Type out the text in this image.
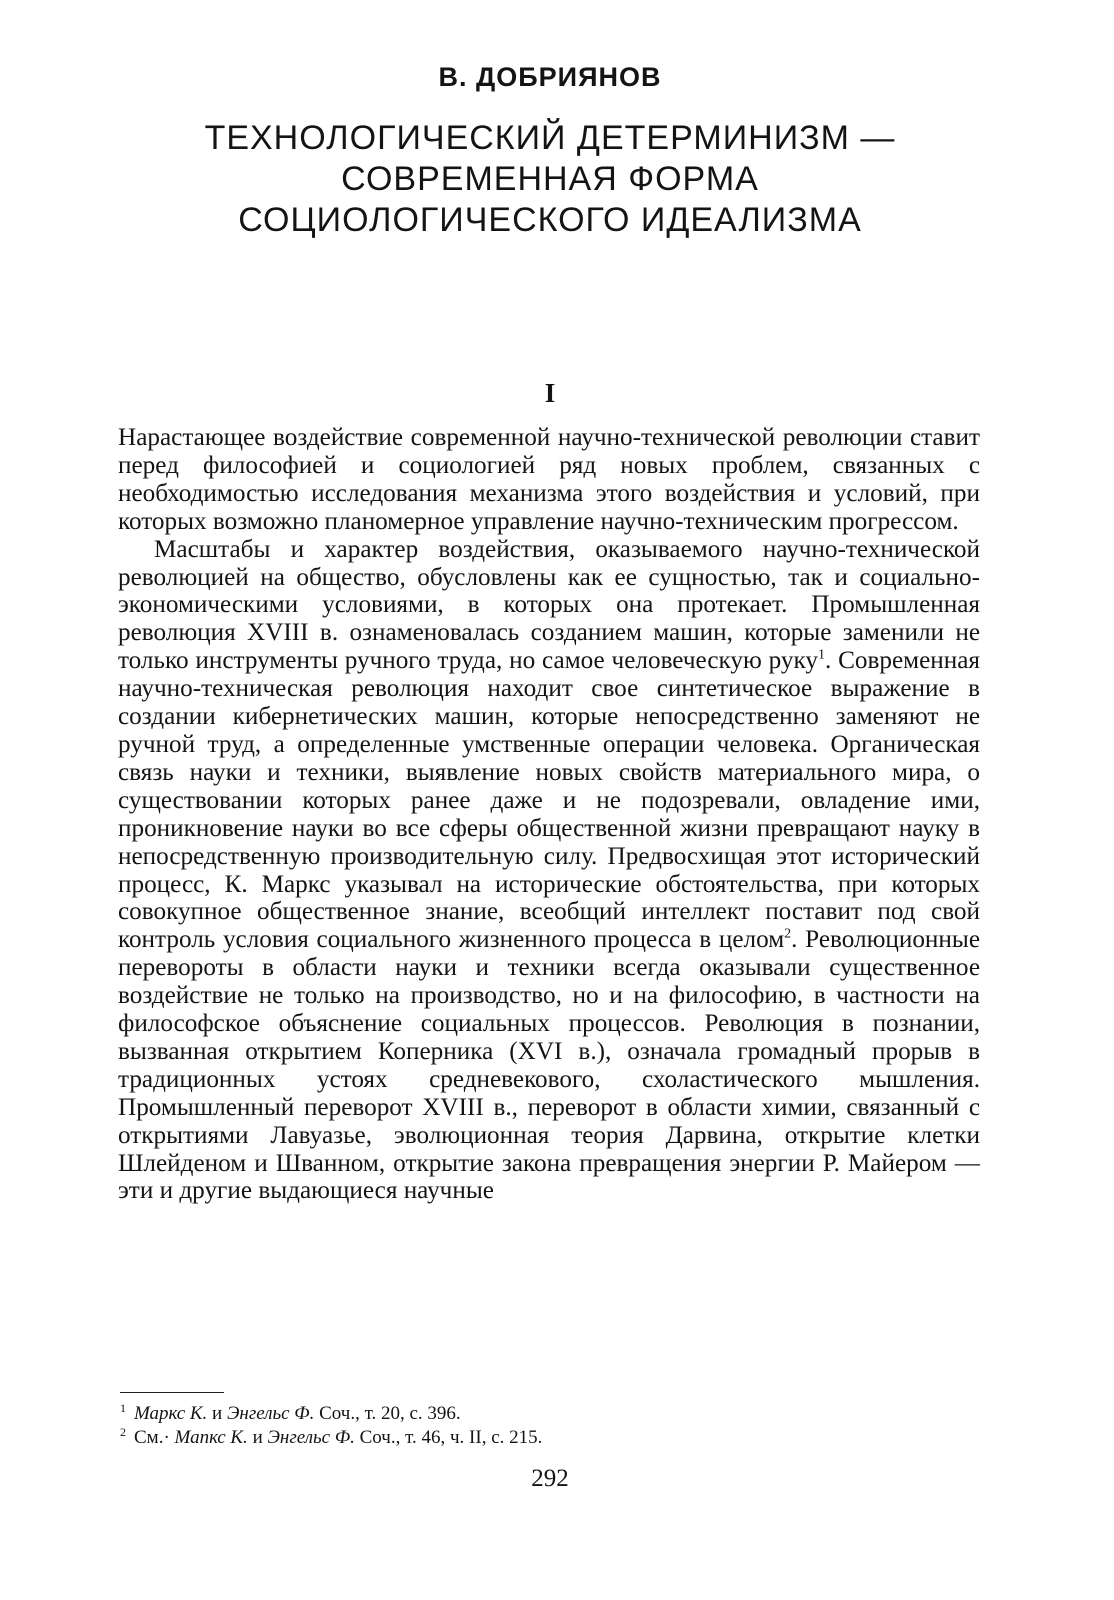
В. ДОБРИЯНОВ
ТЕХНОЛОГИЧЕСКИЙ ДЕТЕРМИНИЗМ —
СОВРЕМЕННАЯ ФОРМА
СОЦИОЛОГИЧЕСКОГО ИДЕАЛИЗМА
I

Нарастающее воздействие современной научно-технической революции ставит перед философией и социологией ряд новых проблем, связанных с необходимостью исследования механизма этого воздействия и условий, при которых возможно планомерное управление научно-техническим прогрессом.

Масштабы и характер воздействия, оказываемого научно-технической революцией на общество, обусловлены как ее сущностью, так и социально-экономическими условиями, в которых она протекает. Промышленная революция XVIII в. ознаменовалась созданием машин, которые заменили не только инструменты ручного труда, но самое человеческую руку$^1$. Современная научно-техническая революция находит свое синтетическое выражение в создании кибернетических машин, которые непосредственно заменяют не ручной труд, а определенные умственные операции человека. Органическая связь науки и техники, выявление новых свойств материального мира, о существовании которых ранее даже и не подозревали, овладение ими, проникновение науки во все сферы общественной жизни превращают науку в непосредственную производительную силу. Предвосхищая этот исторический процесс, К. Маркс указывал на исторические обстоятельства, при которых совокупное общественное знание, всеобщий интеллект поставит под свой контроль условия социального жизненного процесса в целом$^2$. Революционные перевороты в области науки и техники всегда оказывали существенное воздействие не только на производство, но и на философию, в частности на философское объяснение социальных процессов. Революция в познании, вызванная открытием Коперника (XVI в.), означала громадный прорыв в традиционных устоях средневекового, схоластического мышления. Промышленный переворот XVIII в., переворот в области химии, связанный с открытиями Лавуазье, эволюционная теория Дарвина, открытие клетки Шлейденом и Шванном, открытие закона превращения энергии Р. Майером — эти и другие выдающиеся научные

$^1$ Маркс К. и Энгельс Ф. Соч., т. 20, с. 396.

$^2$ См.· Мапкс К. и Энгельс Ф. Соч., т. 46, ч. II, с. 215.

292
